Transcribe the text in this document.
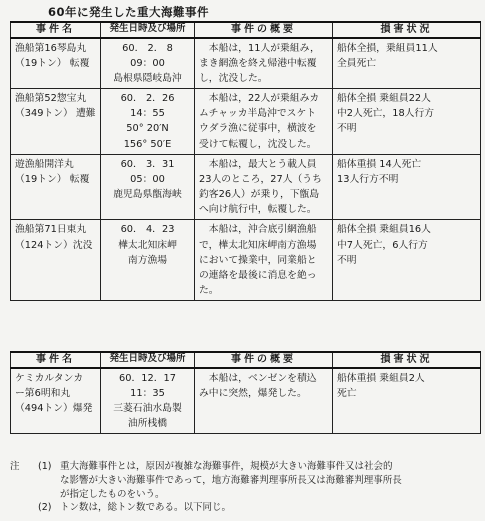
60年に発生した重大海難事件
事件名	発生日時及び場所	事件の概要	損害状況

漁船第16琴島丸
（19トン） 転覆	60． 2． 8
09：00
島根県隠岐島沖	本船は，11人が乗組み，
まき網漁を終え帰港中転覆
し，沈没した。	船体全損，乗組員11人
全員死亡

漁船第52惣宝丸
（349トン） 遭難	60． 2．26
14：55
50° 20′N
156° 50′E	本船は，22人が乗組みカ
ムチャッカ半島沖でスケト
ウダラ漁に従事中，横波を
受けて転覆し，沈没した。	船体全損 乗組員22人
中2人死亡，18人行方
不明

遊漁船開洋丸
（19トン） 転覆	60． 3．31
05：00
鹿児島県甑海峡	本船は，最大とう載人員
23人のところ，27人（うち
釣客26人）が乗り，下甑島
へ向け航行中，転覆した。	船体重損 14人死亡
13人行方不明

漁船第71日東丸
（124トン）沈没	60． 4．23
樺太北知床岬
南方漁場	本船は，沖合底引網漁船
で，樺太北知床岬南方漁場
において操業中，同業船と
の連絡を最後に消息を絶っ
た。	船体全損 乗組員16人
中7人死亡，6人行方
不明
事件名	発生日時及び場所	事件の概要	損害状況

ケミカルタンカ
ー第6明和丸
（494トン）爆発	60．12．17
11：35
三菱石油水島製
油所桟橋	本船は，ベンゼンを積込
み中に突然，爆発した。	船体重損 乗組員2人
死亡
注	(1) 重大海難事件とは，原因が複雑な海難事件，規模が大きい海難事件又は社会的
な影響が大きい海難事件であって，地方海難審判理事所長又は海難審判理事所長
が指定したものをいう。
(2) トン数は，総トン数である。以下同じ。
